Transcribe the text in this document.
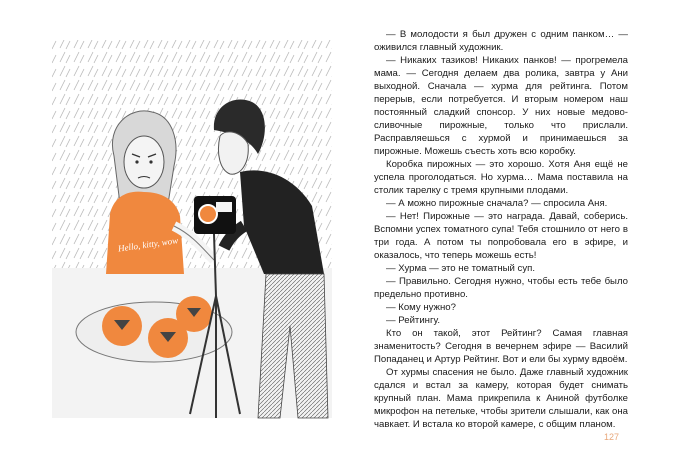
Hello, kitty, wow

— В молодости я был дружен с одним панком… — оживился главный художник.

— Никаких тазиков! Никаких панков! — прогремела мама. — Сегодня делаем два ролика, завтра у Ани выходной. Сначала — хурма для рейтинга. Потом перерыв, если потребуется. И вторым номером наш постоянный сладкий спонсор. У них новые медово-сливочные пирожные, только что прислали. Расправляешься с хурмой и принимаешься за пирожные. Можешь съесть хоть всю коробку.

Коробка пирожных — это хорошо. Хотя Аня ещё не успела проголодаться. Но хурма… Мама поставила на столик тарелку с тремя крупными плодами.

— А можно пирожные сначала? — спросила Аня.

— Нет! Пирожные — это награда. Давай, соберись. Вспомни успех томатного супа! Тебя стошнило от него в три года. А потом ты попробовала его в эфире, и оказалось, что теперь можешь есть!

— Хурма — это не томатный суп.

— Правильно. Сегодня нужно, чтобы есть тебе было предельно противно.

— Кому нужно?

— Рейтингу.

Кто он такой, этот Рейтинг? Самая главная знаменитость? Сегодня в вечернем эфире — Василий Попаданец и Артур Рейтинг. Вот и ели бы хурму вдвоём.

От хурмы спасения не было. Даже главный художник сдался и встал за камеру, которая будет снимать крупный план. Мама прикрепила к Аниной футболке микрофон на петельке, чтобы зрители слышали, как она чавкает. И встала ко второй камере, с общим планом.

127
